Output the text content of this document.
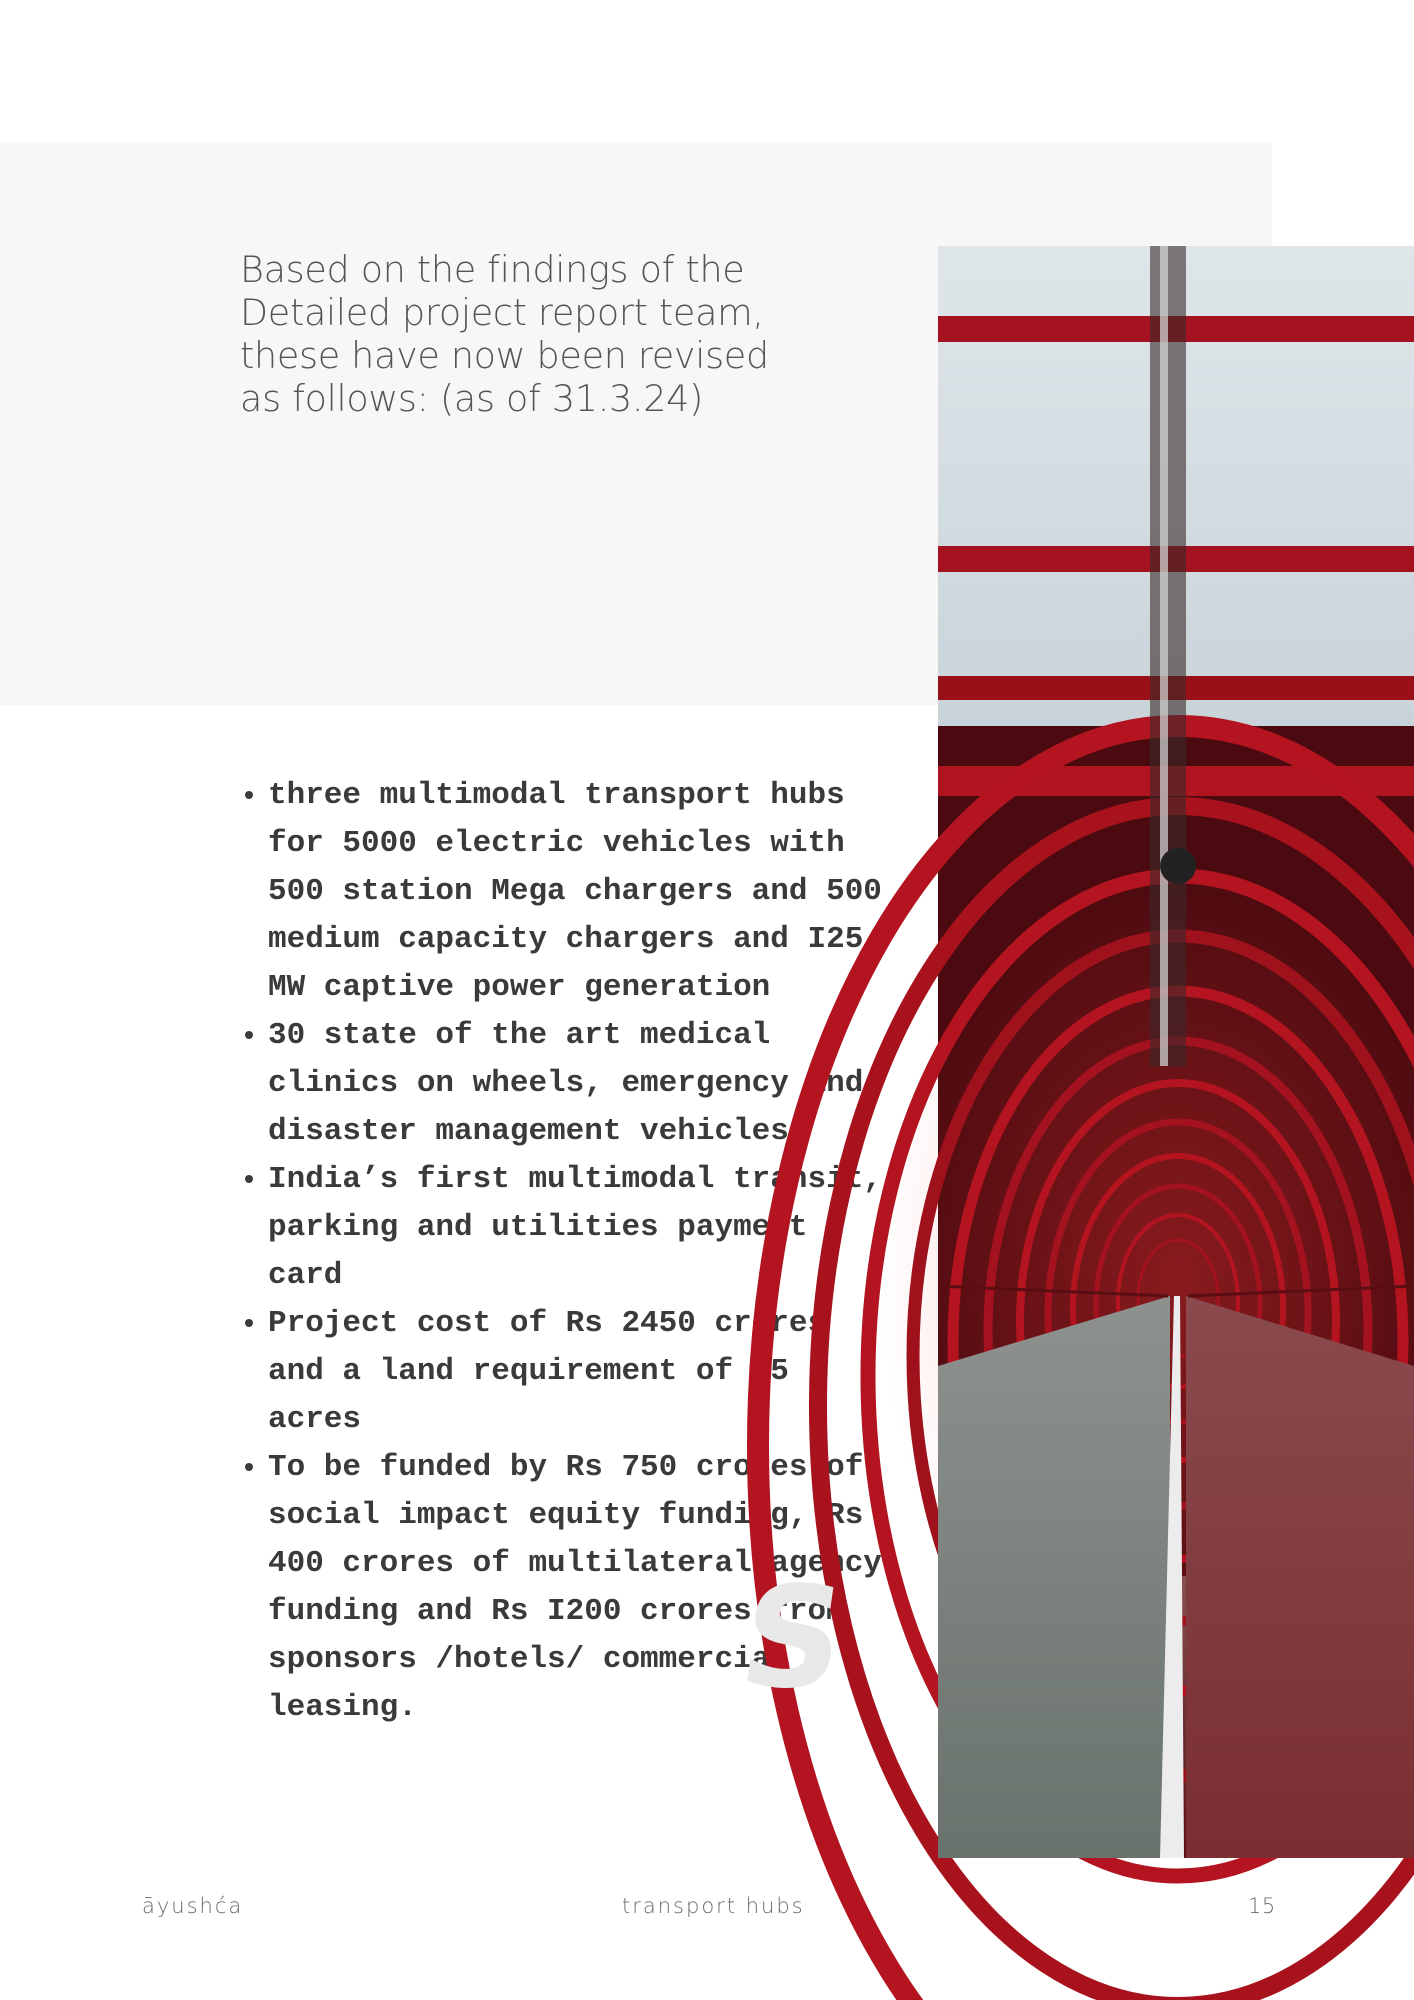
Based on the findings of the Detailed project report team, these have now been revised as follows: (as of 31.3.24)

• three multimodal transport hubs for 5000 electric vehicles with 500 station Mega chargers and 500 medium capacity chargers and I25 MW captive power generation
• 30 state of the art medical clinics on wheels, emergency and disaster management vehicles
• India’s first multimodal transit, parking and utilities payment card
• Project cost of Rs 2450 crores and a land requirement of 65 acres
• To be funded by Rs 750 crores of social impact equity funding, Rs 400 crores of multilateral agency funding and Rs I200 crores from sponsors /hotels/ commercial leasing.	S
āyushća	transport hubs	15
